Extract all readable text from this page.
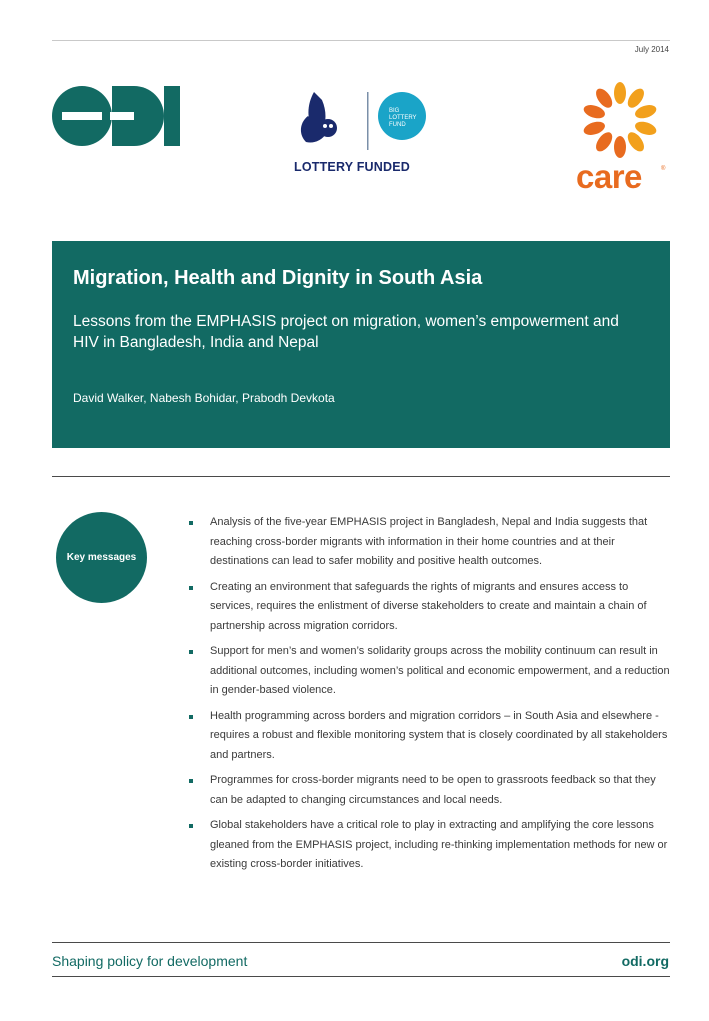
July 2014
BIG
LOTTERY
FUND
LOTTERY FUNDED	care	®
Migration, Health and Dignity in South Asia
Lessons from the EMPHASIS project on migration, women’s empowerment and HIV in Bangladesh, India and Nepal
David Walker, Nabesh Bohidar, Prabodh Devkota
Key messages
Analysis of the five-year EMPHASIS project in Bangladesh, Nepal and India suggests that reaching cross-border migrants with information in their home countries and at their destinations can lead to safer mobility and positive health outcomes.
Creating an environment that safeguards the rights of migrants and ensures access to services, requires the enlistment of diverse stakeholders to create and maintain a chain of partnership across migration corridors.
Support for men’s and women’s solidarity groups across the mobility continuum can result in additional outcomes, including women’s political and economic empowerment, and a reduction in gender-based violence.
Health programming across borders and migration corridors – in South Asia and elsewhere - requires a robust and flexible monitoring system that is closely coordinated by all stakeholders and partners.
Programmes for cross-border migrants need to be open to grassroots feedback so that they can be adapted to changing circumstances and local needs.
Global stakeholders have a critical role to play in extracting and amplifying the core lessons gleaned from the EMPHASIS project, including re-thinking implementation methods for new or existing cross-border initiatives.
Shaping policy for development	odi.org
